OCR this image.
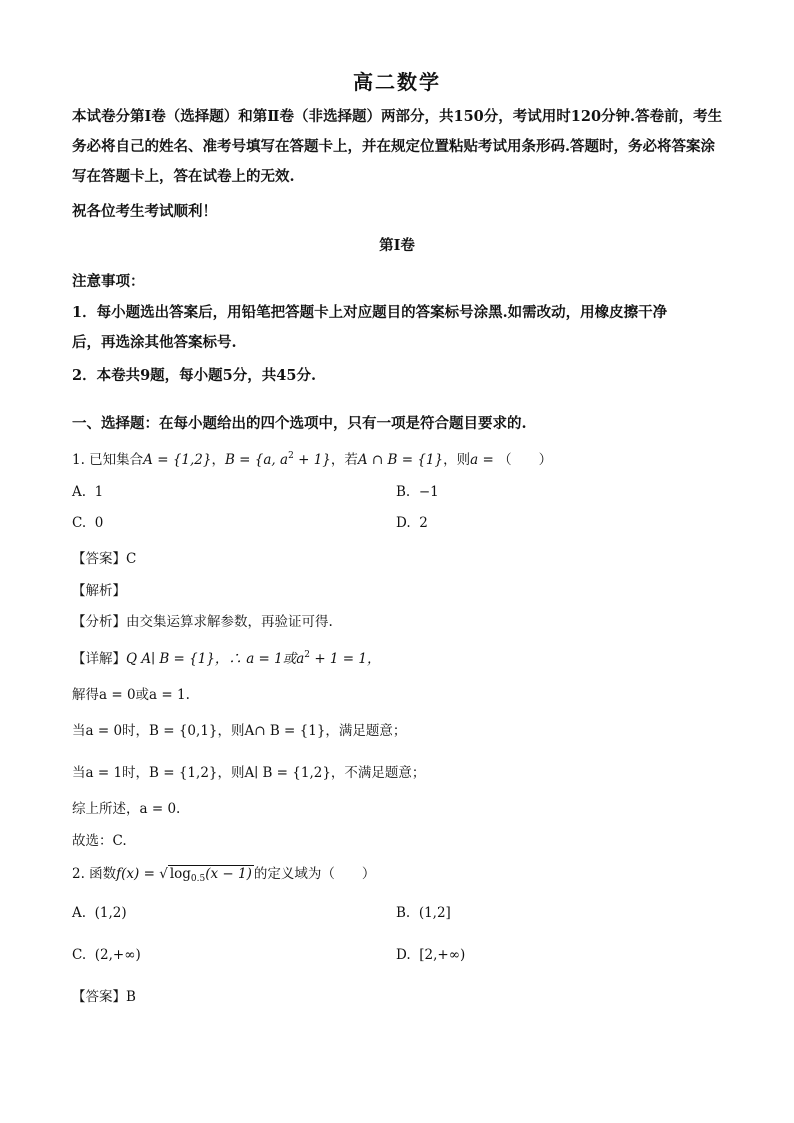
高二数学
本试卷分第Ⅰ卷（选择题）和第Ⅱ卷（非选择题）两部分，共150分，考试用时120分钟.答卷前，考生务必将自己的姓名、准考号填写在答题卡上，并在规定位置粘贴考试用条形码.答题时，务必将答案涂写在答题卡上，答在试卷上的无效.
祝各位考生考试顺利！
第Ⅰ卷
注意事项：
1．每小题选出答案后，用铅笔把答题卡上对应题目的答案标号涂黑.如需改动，用橡皮擦干净
后，再选涂其他答案标号.
2．本卷共9题，每小题5分，共45分.
一、选择题：在每小题给出的四个选项中，只有一项是符合题目要求的.
1. 已知集合A = {1,2}，B = {a, $a^2 + 1$}，若A ∩ B = {1}，则a = （　　）
A. 1	B. −1
C. 0	D. 2
【答案】C
【解析】
【分析】由交集运算求解参数，再验证可得.
【详解】Q A∣ B = {1}，∴ a = 1或$a^2 + 1 = 1$，
解得a = 0或a = 1.
当a = 0时，B = {0,1}，则A∩ B = {1}，满足题意；
当a = 1时，B = {1,2}，则A∣ B = {1,2}，不满足题意；
综上所述，a = 0.
故选：C.
2. 函数f(x) = √ $\log_{0.5}(x - 1)$ 的定义域为（　　）
A. (1,2)	B. (1,2]
C. (2,+∞)	D. [2,+∞)
【答案】B
